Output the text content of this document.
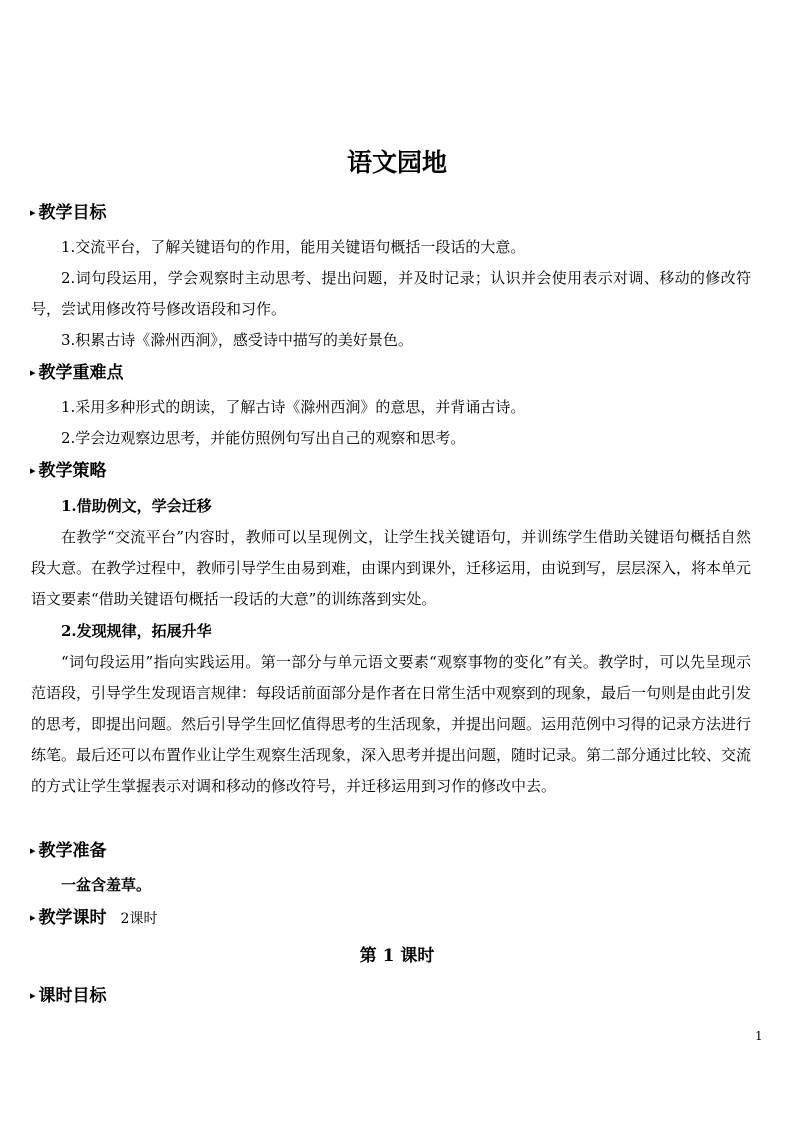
语文园地
▸ 教学目标
1.交流平台，了解关键语句的作用，能用关键语句概括一段话的大意。
2.词句段运用，学会观察时主动思考、提出问题，并及时记录；认识并会使用表示对调、移动的修改符号，尝试用修改符号修改语段和习作。
3.积累古诗《滁州西涧》，感受诗中描写的美好景色。
▸ 教学重难点
1.采用多种形式的朗读，了解古诗《滁州西涧》的意思，并背诵古诗。
2.学会边观察边思考，并能仿照例句写出自己的观察和思考。
▸ 教学策略
1.借助例文，学会迁移
在教学“交流平台”内容时，教师可以呈现例文，让学生找关键语句，并训练学生借助关键语句概括自然段大意。在教学过程中，教师引导学生由易到难，由课内到课外，迁移运用，由说到写，层层深入，将本单元语文要素“借助关键语句概括一段话的大意”的训练落到实处。
2.发现规律，拓展升华
“词句段运用”指向实践运用。第一部分与单元语文要素“观察事物的变化”有关。教学时，可以先呈现示范语段，引导学生发现语言规律：每段话前面部分是作者在日常生活中观察到的现象，最后一句则是由此引发的思考，即提出问题。然后引导学生回忆值得思考的生活现象，并提出问题。运用范例中习得的记录方法进行练笔。最后还可以布置作业让学生观察生活现象，深入思考并提出问题，随时记录。第二部分通过比较、交流的方式让学生掌握表示对调和移动的修改符号，并迁移运用到习作的修改中去。
▸ 教学准备
一盆含羞草。
▸ 教学课时 2课时
第 1 课时
▸ 课时目标
1
